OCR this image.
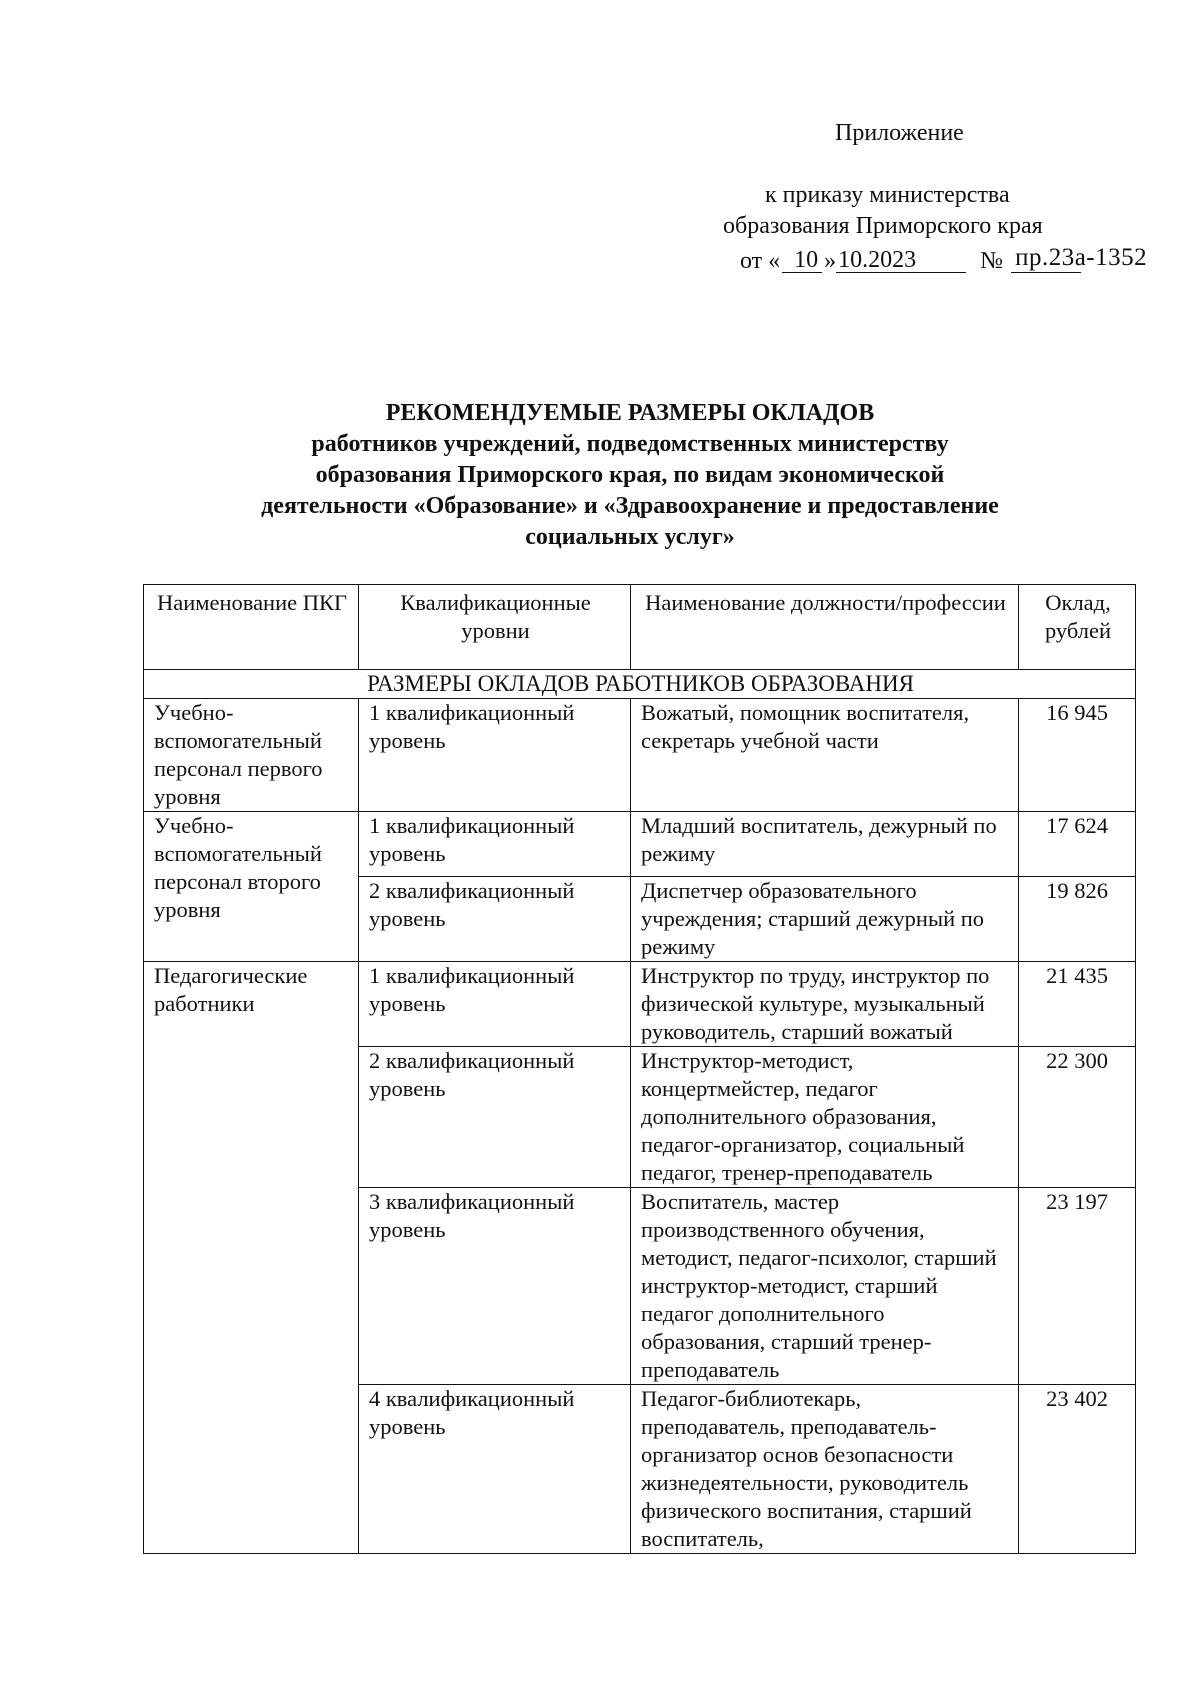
Приложение
к приказу министерства
образования Приморского края
от « 10 » 10.2023	№ пр.23а-1352
РЕКОМЕНДУЕМЫЕ РАЗМЕРЫ ОКЛАДОВ
работников учреждений, подведомственных министерству
образования Приморского края, по видам экономической
деятельности «Образование» и «Здравоохранение и предоставление
социальных услуг»
Наименование ПКГ	Квалификационные уровни	Наименование должности/профессии	Оклад, рублей
РАЗМЕРЫ ОКЛАДОВ РАБОТНИКОВ ОБРАЗОВАНИЯ			
Учебно-вспомогательный персонал первого уровня	1 квалификационный уровень	Вожатый, помощник воспитателя, секретарь учебной части	16 945
Учебно-вспомогательный персонал второго уровня	1 квалификационный уровень	Младший воспитатель, дежурный по режиму	17 624
	2 квалификационный уровень	Диспетчер образовательного учреждения; старший дежурный по режиму	19 826
Педагогические работники	1 квалификационный уровень	Инструктор по труду, инструктор по физической культуре, музыкальный руководитель, старший вожатый	21 435
	2 квалификационный уровень	Инструктор-методист, концертмейстер, педагог дополнительного образования, педагог-организатор, социальный педагог, тренер-преподаватель	22 300
	3 квалификационный уровень	Воспитатель, мастер производственного обучения, методист, педагог-психолог, старший инструктор-методист, старший педагог дополнительного образования, старший тренер-преподаватель	23 197
	4 квалификационный уровень	Педагог-библиотекарь, преподаватель, преподаватель-организатор основ безопасности жизнедеятельности, руководитель физического воспитания, старший воспитатель,	23 402
